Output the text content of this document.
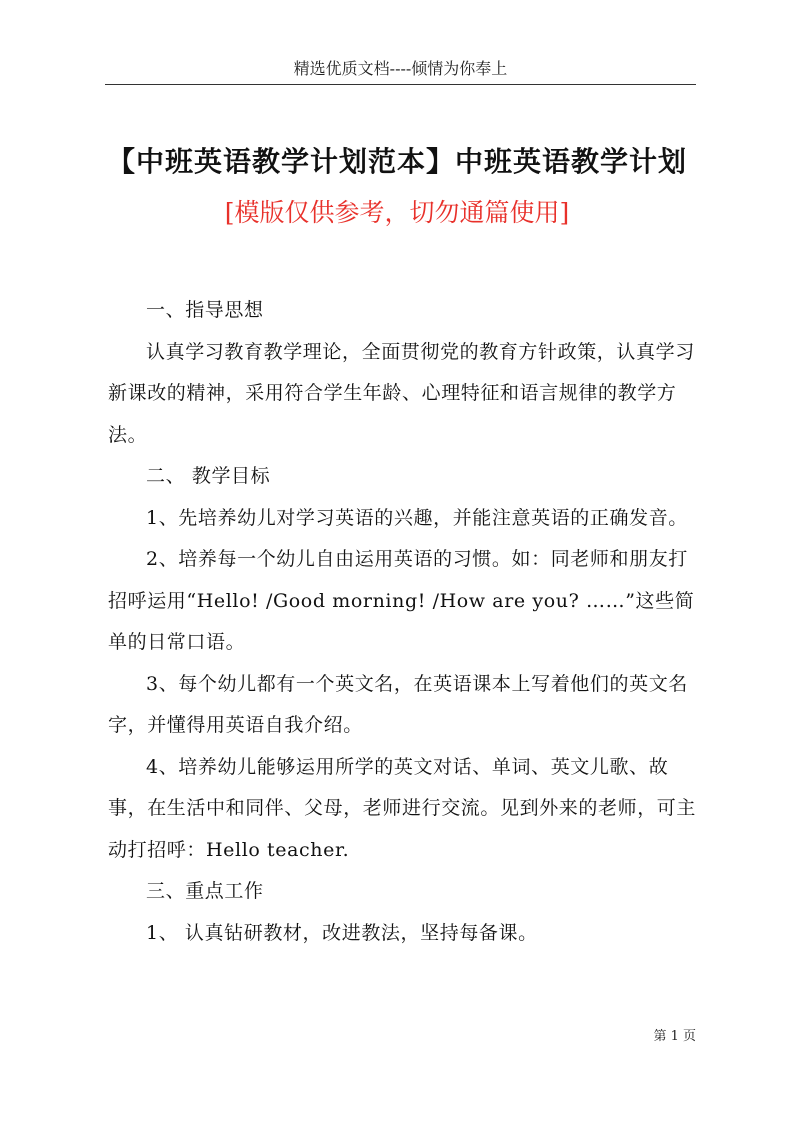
精选优质文档----倾情为你奉上
【中班英语教学计划范本】中班英语教学计划
[模版仅供参考，切勿通篇使用]

一、指导思想

认真学习教育教学理论，全面贯彻党的教育方针政策，认真学习新课改的精神，采用符合学生年龄、心理特征和语言规律的教学方法。

二、 教学目标

1、先培养幼儿对学习英语的兴趣，并能注意英语的正确发音。

2、培养每一个幼儿自由运用英语的习惯。如：同老师和朋友打招呼运用“Hello! /Good morning! /How are you? ……”这些简单的日常口语。

3、每个幼儿都有一个英文名，在英语课本上写着他们的英文名字，并懂得用英语自我介绍。

4、培养幼儿能够运用所学的英文对话、单词、英文儿歌、故事，在生活中和同伴、父母，老师进行交流。见到外来的老师，可主动打招呼：Hello teacher.

三、重点工作

1、 认真钻研教材，改进教法，坚持每备课。

第 1 页
